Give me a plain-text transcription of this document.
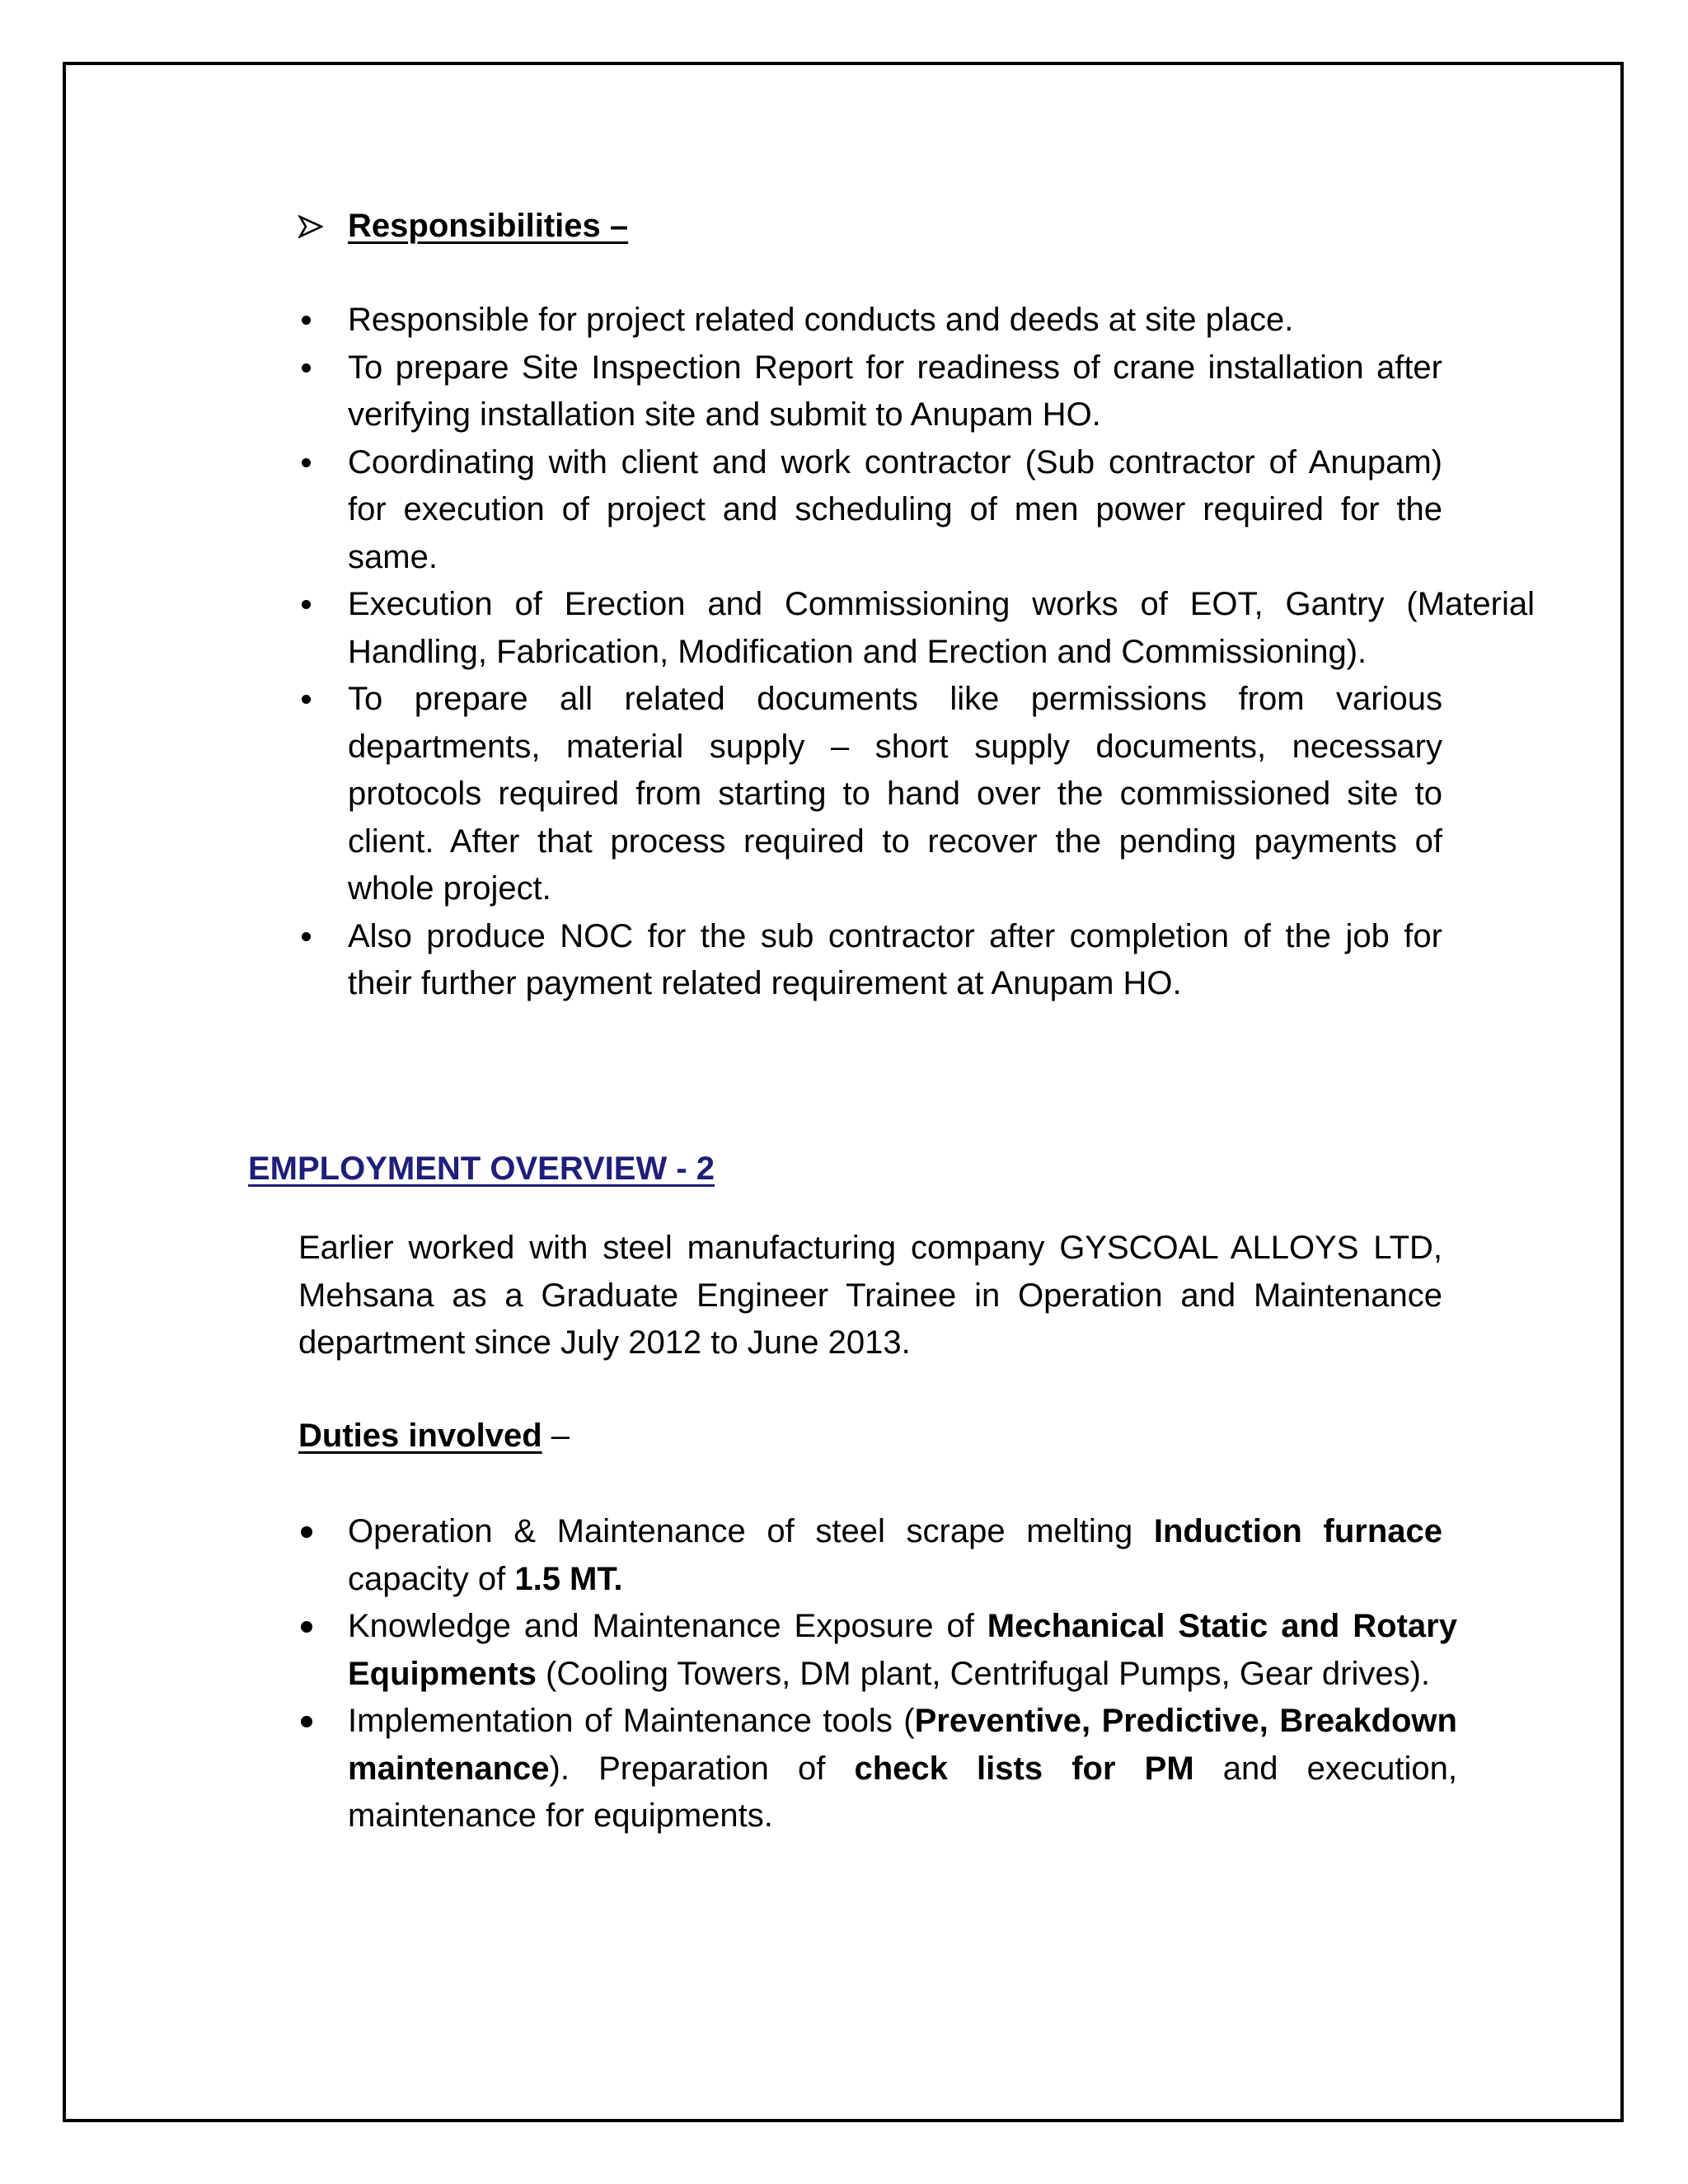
Responsibilities –
Responsible for project related conducts and deeds at site place.
To prepare Site Inspection Report for readiness of crane installation after verifying installation site and submit to Anupam HO.
Coordinating with client and work contractor (Sub contractor of Anupam) for execution of project and scheduling of men power required for the same.
Execution of Erection and Commissioning works of EOT, Gantry (Material Handling, Fabrication, Modification and Erection and Commissioning).
To prepare all related documents like permissions from various departments, material supply – short supply documents, necessary protocols required from starting to hand over the commissioned site to client. After that process required to recover the pending payments of whole project.
Also produce NOC for the sub contractor after completion of the job for their further payment related requirement at Anupam HO.
EMPLOYMENT OVERVIEW - 2

Earlier worked with steel manufacturing company GYSCOAL ALLOYS LTD, Mehsana as a Graduate Engineer Trainee in Operation and Maintenance department since July 2012 to June 2013.

Duties involved –
Operation & Maintenance of steel scrape melting Induction furnace capacity of 1.5 MT.
Knowledge and Maintenance Exposure of Mechanical Static and Rotary Equipments (Cooling Towers, DM plant, Centrifugal Pumps, Gear drives).
Implementation of Maintenance tools (Preventive, Predictive, Breakdown maintenance). Preparation of check lists for PM and execution, maintenance for equipments.
